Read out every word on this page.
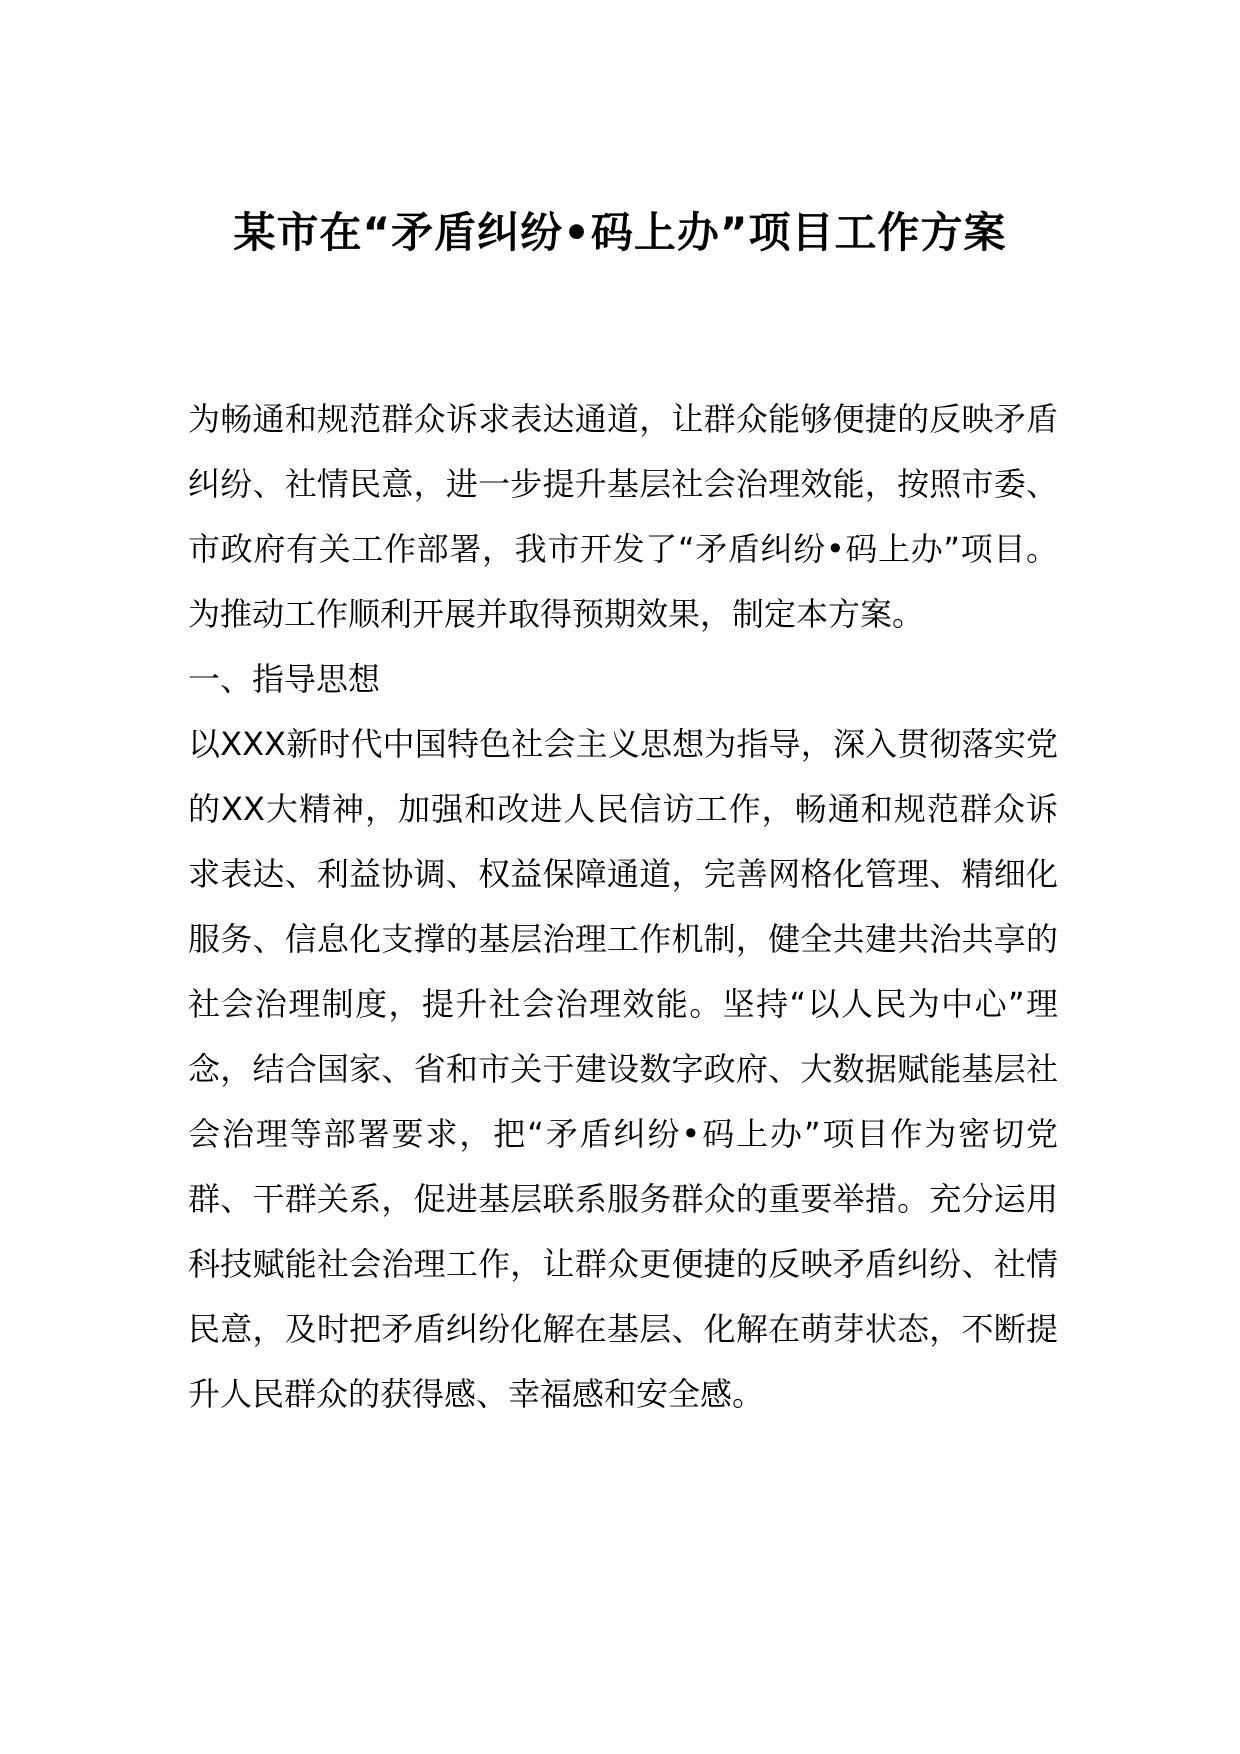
某市在“矛盾纠纷•码上办”项目工作方案

为畅通和规范群众诉求表达通道，让群众能够便捷的反映矛盾纠纷、社情民意，进一步提升基层社会治理效能，按照市委、市政府有关工作部署，我市开发了“矛盾纠纷•码上办”项目。为推动工作顺利开展并取得预期效果，制定本方案。

一、指导思想

以XXX新时代中国特色社会主义思想为指导，深入贯彻落实党的XX大精神，加强和改进人民信访工作，畅通和规范群众诉求表达、利益协调、权益保障通道，完善网格化管理、精细化服务、信息化支撑的基层治理工作机制，健全共建共治共享的社会治理制度，提升社会治理效能。坚持“以人民为中心”理念，结合国家、省和市关于建设数字政府、大数据赋能基层社会治理等部署要求，把“矛盾纠纷•码上办”项目作为密切党群、干群关系，促进基层联系服务群众的重要举措。充分运用科技赋能社会治理工作，让群众更便捷的反映矛盾纠纷、社情民意，及时把矛盾纠纷化解在基层、化解在萌芽状态，不断提升人民群众的获得感、幸福感和安全感。
